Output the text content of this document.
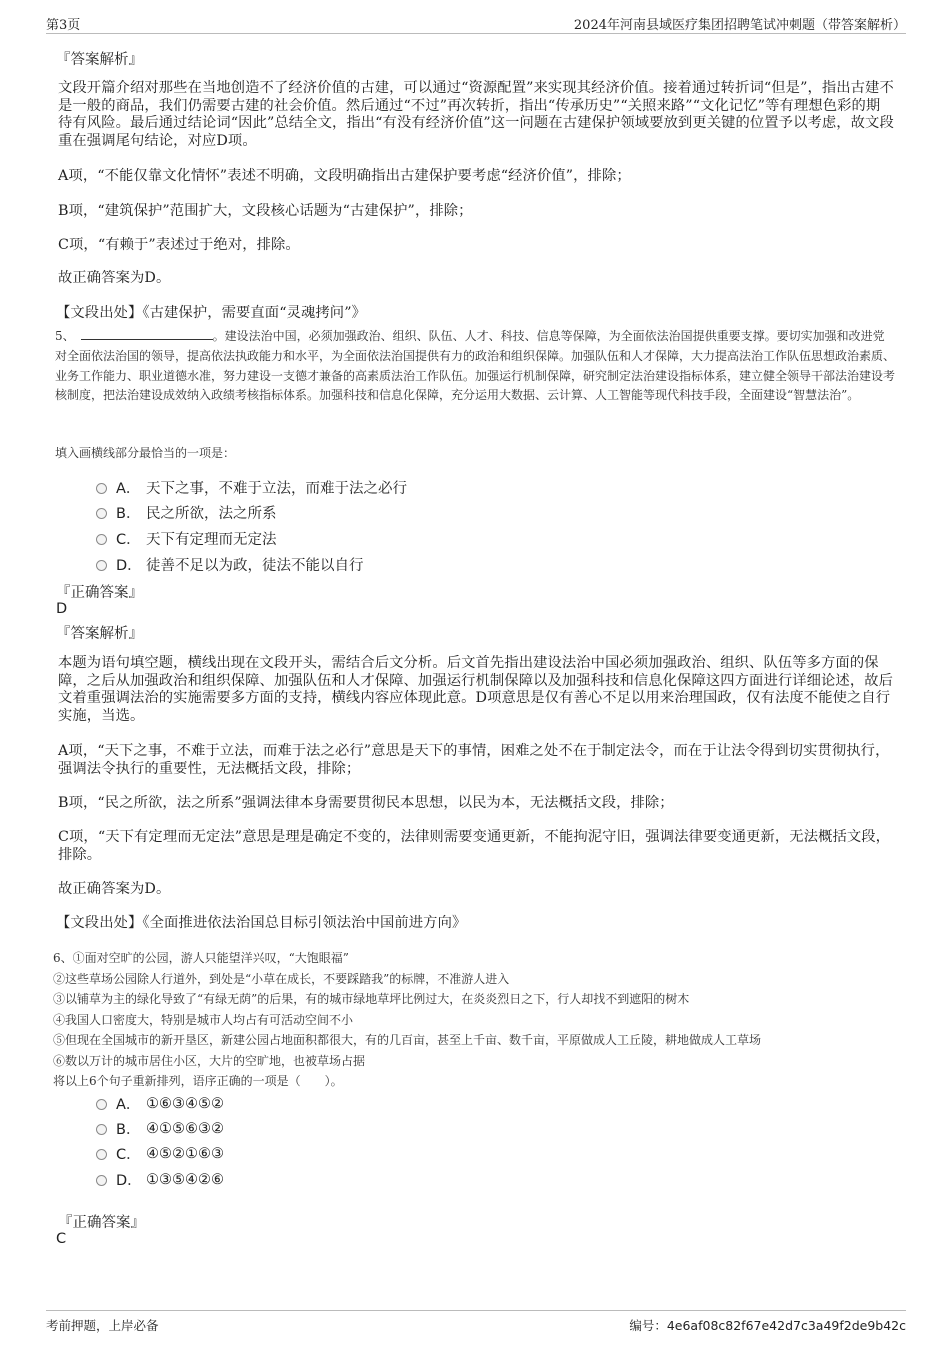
第3页	2024年河南县域医疗集团招聘笔试冲刺题（带答案解析）
『答案解析』
文段开篇介绍对那些在当地创造不了经济价值的古建，可以通过“资源配置”来实现其经济价值。接着通过转折词“但是”，指出古建不是一般的商品，我们仍需要古建的社会价值。然后通过“不过”再次转折，指出“传承历史”“关照来路”“文化记忆”等有理想色彩的期待有风险。最后通过结论词“因此”总结全文，指出“有没有经济价值”这一问题在古建保护领域要放到更关键的位置予以考虑，故文段重在强调尾句结论，对应D项。
A项，“不能仅靠文化情怀”表述不明确，文段明确指出古建保护要考虑“经济价值”，排除；
B项，“建筑保护”范围扩大，文段核心话题为“古建保护”，排除；
C项，“有赖于”表述过于绝对，排除。
故正确答案为D。
【文段出处】《古建保护，需要直面“灵魂拷问”》
5、	。建设法治中国，必须加强政治、组织、队伍、人才、科技、信息等保障，为全面依法治国提供重要支撑。要切实加强和改进党对全面依法治国的领导，提高依法执政能力和水平，为全面依法治国提供有力的政治和组织保障。加强队伍和人才保障，大力提高法治工作队伍思想政治素质、业务工作能力、职业道德水准，努力建设一支德才兼备的高素质法治工作队伍。加强运行机制保障，研究制定法治建设指标体系，建立健全领导干部法治建设考核制度，把法治建设成效纳入政绩考核指标体系。加强科技和信息化保障，充分运用大数据、云计算、人工智能等现代科技手段，全面建设“智慧法治”。
填入画横线部分最恰当的一项是：
A． 天下之事，不难于立法，而难于法之必行
B． 民之所欲，法之所系
C． 天下有定理而无定法
D． 徒善不足以为政，徒法不能以自行
『正确答案』
D
『答案解析』
本题为语句填空题，横线出现在文段开头，需结合后文分析。后文首先指出建设法治中国必须加强政治、组织、队伍等多方面的保障，之后从加强政治和组织保障、加强队伍和人才保障、加强运行机制保障以及加强科技和信息化保障这四方面进行详细论述，故后文着重强调法治的实施需要多方面的支持，横线内容应体现此意。D项意思是仅有善心不足以用来治理国政，仅有法度不能使之自行实施，当选。
A项，“天下之事，不难于立法，而难于法之必行”意思是天下的事情，困难之处不在于制定法令，而在于让法令得到切实贯彻执行，强调法令执行的重要性，无法概括文段，排除；
B项，“民之所欲，法之所系”强调法律本身需要贯彻民本思想，以民为本，无法概括文段，排除；
C项，“天下有定理而无定法”意思是理是确定不变的，法律则需要变通更新，不能拘泥守旧，强调法律要变通更新，无法概括文段，排除。
故正确答案为D。
【文段出处】《全面推进依法治国总目标引领法治中国前进方向》
6、①面对空旷的公园，游人只能望洋兴叹，“大饱眼福”
②这些草场公园除人行道外，到处是“小草在成长，不要踩踏我”的标牌，不准游人进入
③以铺草为主的绿化导致了“有绿无荫”的后果，有的城市绿地草坪比例过大，在炎炎烈日之下，行人却找不到遮阳的树木
④我国人口密度大，特别是城市人均占有可活动空间不小
⑤但现在全国城市的新开垦区，新建公园占地面积都很大，有的几百亩，甚至上千亩、数千亩，平原做成人工丘陵，耕地做成人工草场
⑥数以万计的城市居住小区，大片的空旷地，也被草场占据
将以上6个句子重新排列，语序正确的一项是（　　）。
A． ①⑥③④⑤②
B． ④①⑤⑥③②
C． ④⑤②①⑥③
D． ①③⑤④②⑥
『正确答案』
C
考前押题，上岸必备	编号：4e6af08c82f67e42d7c3a49f2de9b42c
